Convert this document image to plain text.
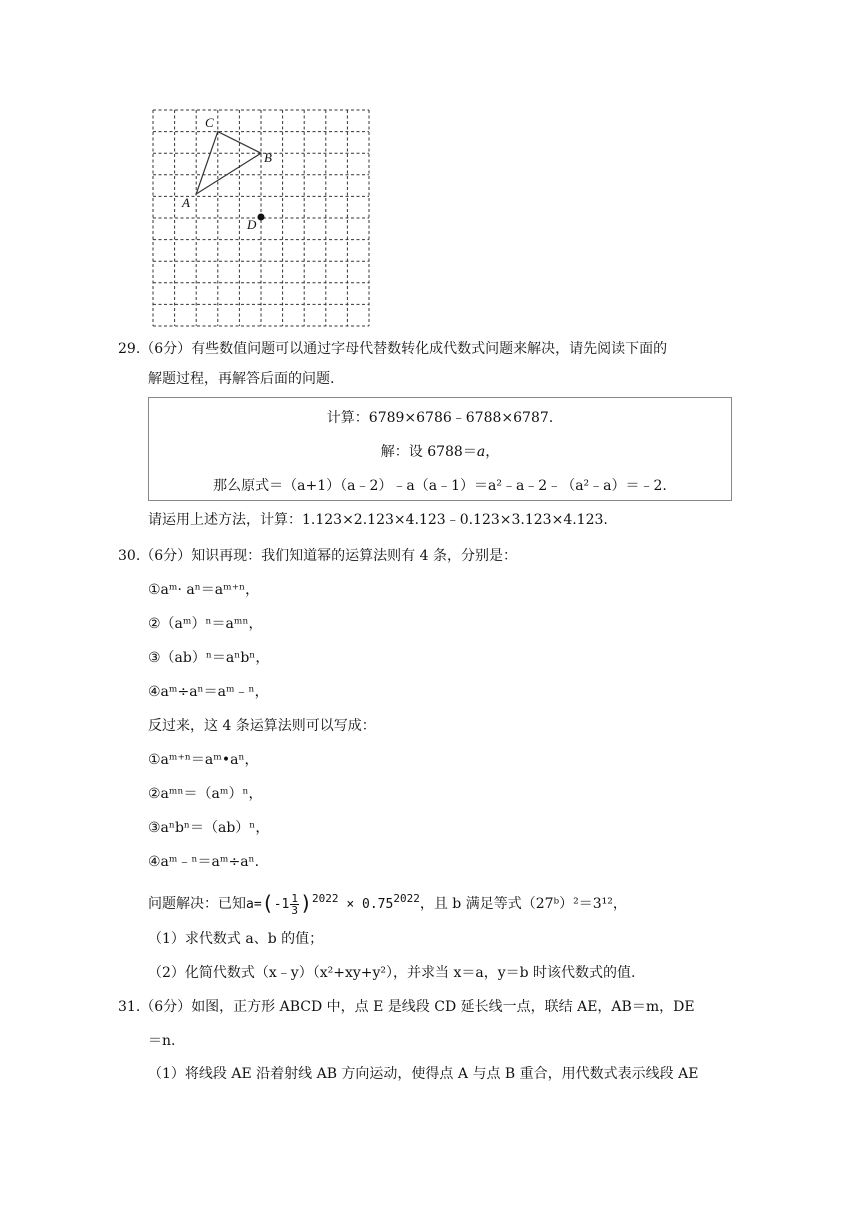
C
B
A
D
29.（6分）有些数值问题可以通过字母代替数转化成代数式问题来解决，请先阅读下面的
解题过程，再解答后面的问题.
计算：6789×6786﹣6788×6787.
解：设 6788＝a，
那么原式＝（a+1）（a﹣2）﹣a（a﹣1）＝a²﹣a﹣2﹣（a²﹣a）＝﹣2.
请运用上述方法，计算：1.123×2.123×4.123﹣0.123×3.123×4.123.
30.（6分）知识再现：我们知道幂的运算法则有 4 条，分别是：
①aᵐ· aⁿ＝aᵐ⁺ⁿ，
②（aᵐ）ⁿ＝aᵐⁿ，
③（ab）ⁿ＝aⁿbⁿ，
④aᵐ÷aⁿ＝aᵐ﹣ⁿ，
反过来，这 4 条运算法则可以写成：
①aᵐ⁺ⁿ＝aᵐ•aⁿ，
②aᵐⁿ＝（aᵐ）ⁿ，
③aⁿbⁿ＝（ab）ⁿ，
④aᵐ﹣ⁿ＝aᵐ÷aⁿ.
问题解决：已知$a=(-1 \frac{1}{3} )^{2022} \times 0.75^{2022}$，且 b 满足等式（27ᵇ）²＝3¹²，
（1）求代数式 a、b 的值；
（2）化简代数式（x﹣y）（x²+xy+y²），并求当 x＝a，y＝b 时该代数式的值.
31.（6分）如图，正方形 ABCD 中，点 E 是线段 CD 延长线一点，联结 AE，AB＝m，DE
＝n.
（1）将线段 AE 沿着射线 AB 方向运动，使得点 A 与点 B 重合，用代数式表示线段 AE
